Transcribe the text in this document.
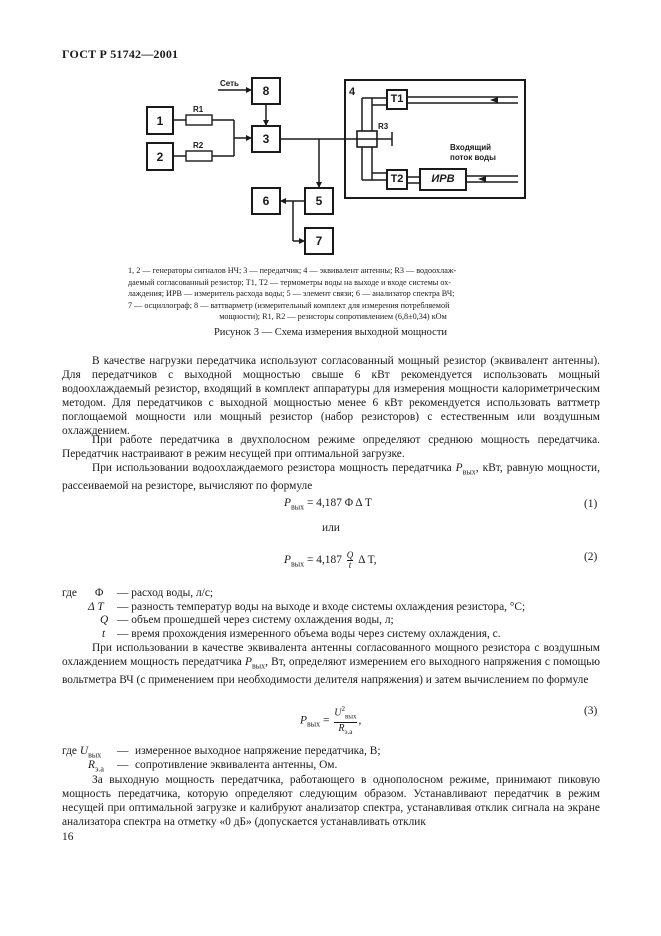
ГОСТ Р 51742—2001
4
8
Сеть
1
2
R1
R2	3
R3
T1
Входящий
поток воды
T2	ИРВ
5
6
7

1, 2 — генераторы сигналов НЧ; 3 — передатчик; 4 — эквивалент антенны; R3 — водоохлаж-

даемый согласованный резистор; T1, T2 — термометры воды на выходе и входе системы ох-

лаждения; ИРВ — измеритель расхода воды; 5 — элемент связи; 6 — анализатор спектра ВЧ;

7 — осциллограф; 8 — ваттварметр (измерительный комплект для измерения потребляемой

мощности); R1, R2 — резисторы сопротивлением (6,8±0,34) кОм

Рисунок 3 — Схема измерения выходной мощности
В качестве нагрузки передатчика используют согласованный мощный резистор (эквивалент антенны). Для передатчиков с выходной мощностью свыше 6 кВт рекомендуется использовать мощный водоохлаждаемый резистор, входящий в комплект аппаратуры для измерения мощности калориметрическим методом. Для передатчиков с выходной мощностью менее 6 кВт рекомендуется использовать ваттметр поглощаемой мощности или мощный резистор (набор резисторов) с естественным или воздушным охлаждением.
При работе передатчика в двухполосном режиме определяют среднюю мощность передатчика. Передатчик настраивают в режим несущей при оптимальной загрузке.
При использовании водоохлаждаемого резистора мощность передатчика $P_{вых}$, кВт, равную мощности, рассеиваемой на резисторе, вычисляют по формуле
$P_{вых} = 4,187$ Φ Δ T	(1)
или
$P_{вых} = 4,187 \frac{Q}{t}$ Δ T,	(2)
где Φ — расход воды, л/с;
Δ T — разность температур воды на выходе и входе системы охлаждения резистора, °С;
Q — объем прошедшей через систему охлаждения воды, л;
t — время прохождения измеренного объема воды через систему охлаждения, с.
При использовании в качестве эквивалента антенны согласованного мощного резистора с воздушным охлаждением мощность передатчика $P_{вых}$, Вт, определяют измерением его выходного напряжения с помощью вольтметра ВЧ (с применением при необходимости делителя напряжения) и затем вычислением по формуле
$P_{вых}$ =
$U^2_{вых}$
$R_{э.а}$
,
(3)
где $U_{вых}$ — измеренное выходное напряжение передатчика, В;
$R_{э.а}$ — сопротивление эквивалента антенны, Ом.
За выходную мощность передатчика, работающего в однополосном режиме, принимают пиковую мощность передатчика, которую определяют следующим образом. Устанавливают передатчик в режим несущей при оптимальной загрузке и калибруют анализатор спектра, устанавливая отклик сигнала на экране анализатора спектра на отметку «0 дБ» (допускается устанавливать отклик
16
